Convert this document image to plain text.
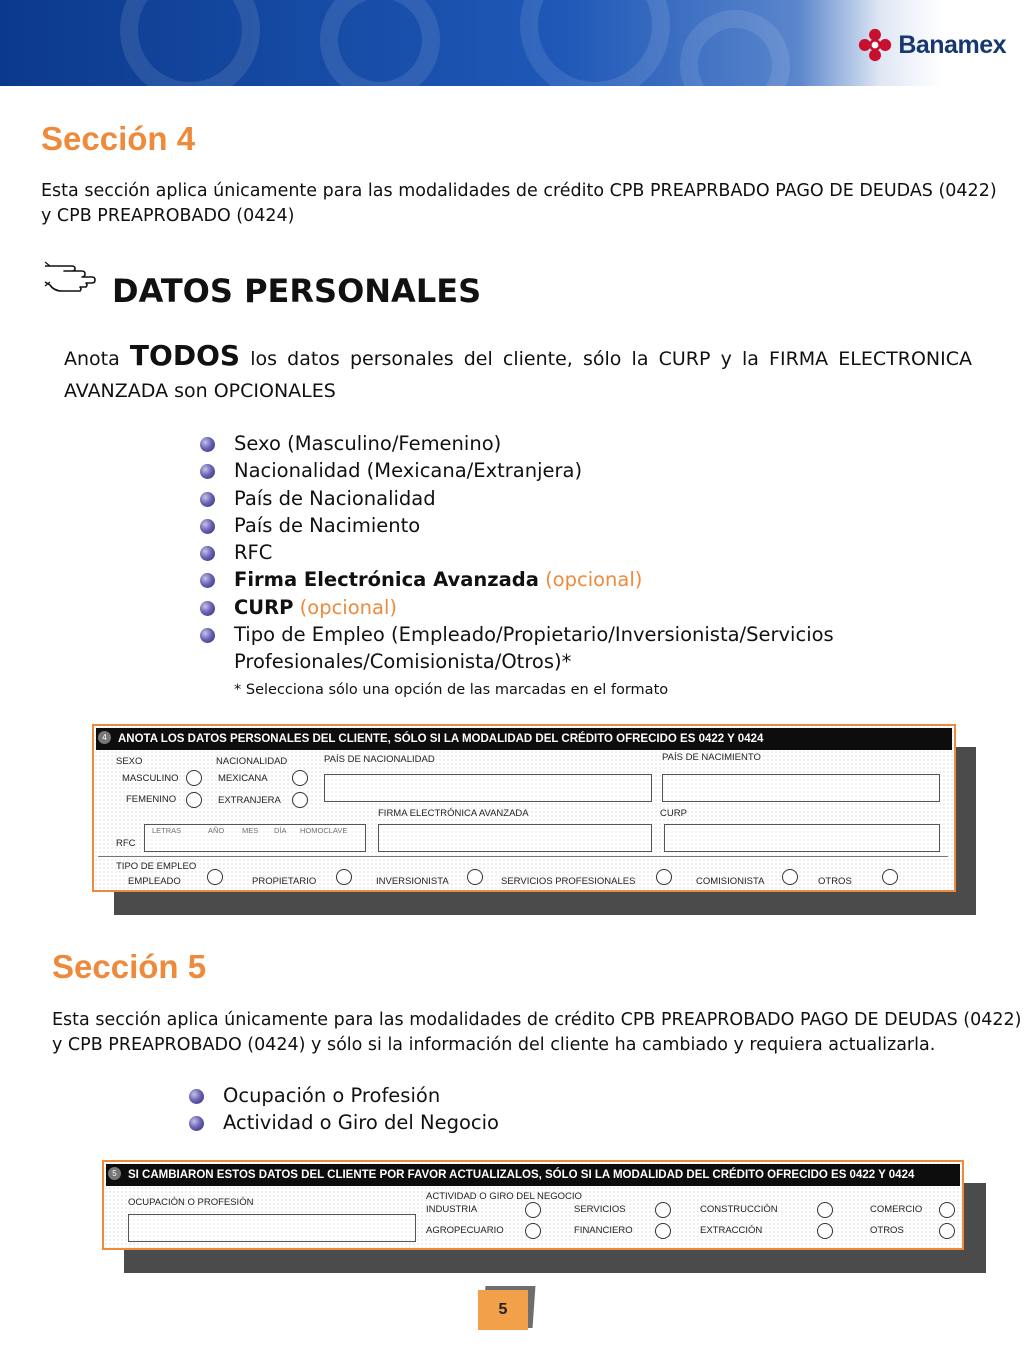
Banamex
Sección 4
Esta sección aplica únicamente para las modalidades de crédito CPB PREAPRBADO PAGO DE DEUDAS (0422)
y CPB PREAPROBADO (0424)
DATOS PERSONALES
Anota TODOS los datos personales del cliente, sólo la CURP y la FIRMA ELECTRONICA AVANZADA son OPCIONALES
Sexo (Masculino/Femenino)
Nacionalidad (Mexicana/Extranjera)
País de Nacionalidad
País de Nacimiento
RFC
Firma Electrónica Avanzada (opcional)
CURP (opcional)
Tipo de Empleo (Empleado/Propietario/Inversionista/Servicios
Profesionales/Comisionista/Otros)*
* Selecciona sólo una opción de las marcadas en el formato
ANOTA LOS DATOS PERSONALES DEL CLIENTE, SÓLO SI LA MODALIDAD DEL CRÉDITO OFRECIDO ES 0422 Y 0424
4
SEXO
MASCULINO
FEMENINO
NACIONALIDAD
MEXICANA
EXTRANJERA
PAÍS DE NACIONALIDAD	PAÍS DE NACIMIENTO
LETRAS	AÑO MES DÍA HOMOCLAVE
RFC
FIRMA ELECTRÓNICA AVANZADA	CURP
TIPO DE EMPLEO
EMPLEADO	PROPIETARIO	INVERSIONISTA	SERVICIOS PROFESIONALES	COMISIONISTA	OTROS
Sección 5
Esta sección aplica únicamente para las modalidades de crédito CPB PREAPROBADO PAGO DE DEUDAS (0422)
y CPB PREAPROBADO (0424) y sólo si la información del cliente ha cambiado y requiera actualizarla.
Ocupación o Profesión
Actividad o Giro del Negocio
SI CAMBIARON ESTOS DATOS DEL CLIENTE POR FAVOR ACTUALIZALOS, SÓLO SI LA MODALIDAD DEL CRÉDITO OFRECIDO ES 0422 Y 0424
5
OCUPACIÓN O PROFESIÓN
ACTIVIDAD O GIRO DEL NEGOCIO
INDUSTRIA	SERVICIOS	CONSTRUCCIÓN	COMERCIO
AGROPECUARIO	FINANCIERO	EXTRACCIÓN	OTROS
5
